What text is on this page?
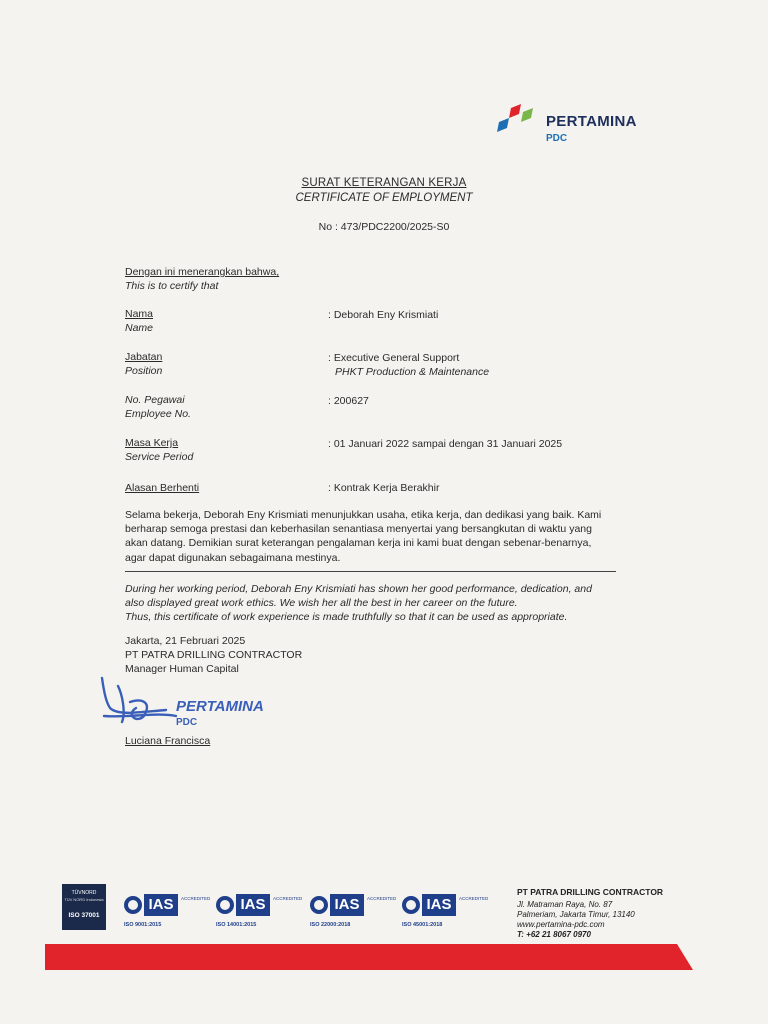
PERTAMINA
PDC
SURAT KETERANGAN KERJA
CERTIFICATE OF EMPLOYMENT
No : 473/PDC2200/2025-S0
Dengan ini menerangkan bahwa,
This is to certify that
Nama
Name
: Deborah Eny Krismiati
Jabatan
Position
: Executive General Support
PHKT Production & Maintenance
No. Pegawai
Employee No.
: 200627
Masa Kerja
Service Period
: 01 Januari 2022 sampai dengan 31 Januari 2025
Alasan Berhenti	: Kontrak Kerja Berakhir
Selama bekerja, Deborah Eny Krismiati menunjukkan usaha, etika kerja, dan dedikasi yang baik. Kami
berharap semoga prestasi dan keberhasilan senantiasa menyertai yang bersangkutan di waktu yang
akan datang. Demikian surat keterangan pengalaman kerja ini kami buat dengan sebenar-benarnya,
agar dapat digunakan sebagaimana mestinya.
During her working period, Deborah Eny Krismiati has shown her good performance, dedication, and
also displayed great work ethics. We wish her all the best in her career on the future.
Thus, this certificate of work experience is made truthfully so that it can be used as appropriate.
Jakarta, 21 Februari 2025
PT PATRA DRILLING CONTRACTOR
Manager Human Capital
PERTAMINA
PDC
Luciana Francisca
TÜVNORD
TÜV NORD Indonesia
ISO 37001
IAS	ACCREDITED
ISO 9001:2015
IAS	ACCREDITED
ISO 14001:2015
IAS	ACCREDITED
ISO 22000:2018
IAS	ACCREDITED
ISO 45001:2018
PT PATRA DRILLING CONTRACTOR
Jl. Matraman Raya, No. 87
Palmeriam, Jakarta Timur, 13140
www.pertamina-pdc.com
T: +62 21 8067 0970
